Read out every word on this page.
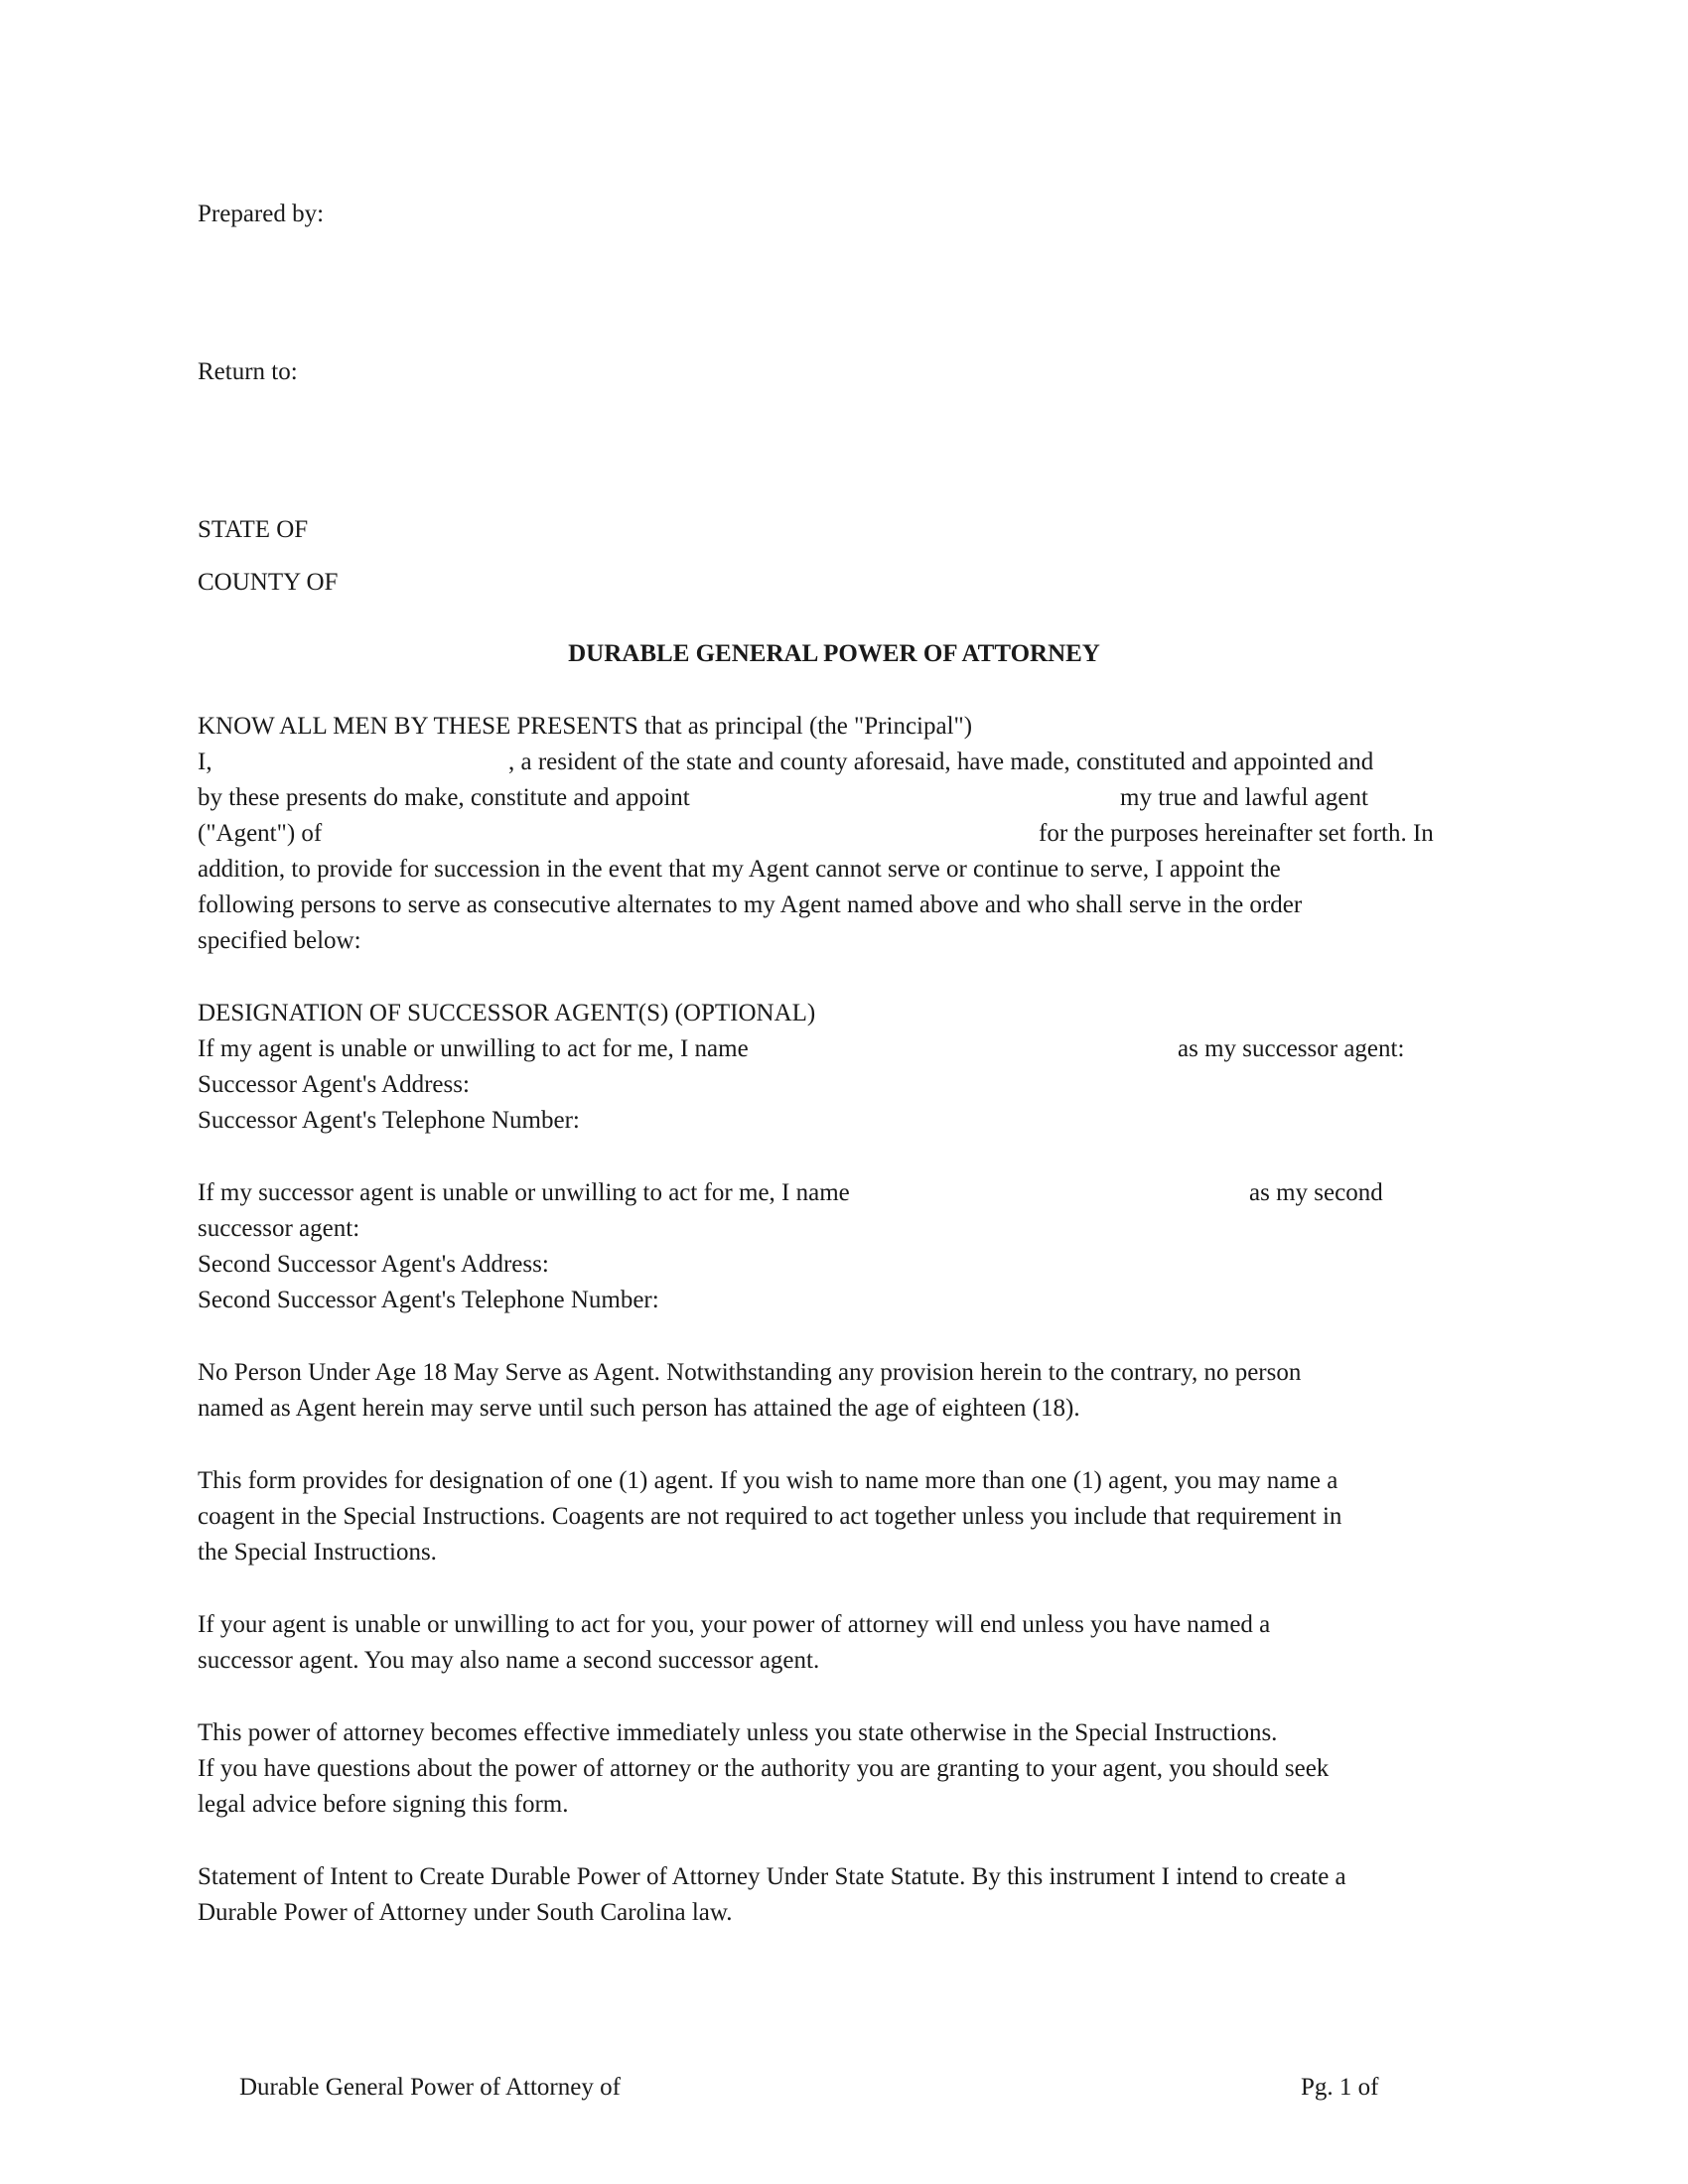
Prepared by:
Return to:
STATE OF
COUNTY OF
DURABLE GENERAL POWER OF ATTORNEY
KNOW ALL MEN BY THESE PRESENTS that as principal (the "Principal")
I,	, a resident of the state and county aforesaid, have made, constituted and appointed and
by these presents do make, constitute and appoint	my true and lawful agent
("Agent") of	for the purposes hereinafter set forth. In
addition, to provide for succession in the event that my Agent cannot serve or continue to serve, I appoint the
following persons to serve as consecutive alternates to my Agent named above and who shall serve in the order
specified below:
DESIGNATION OF SUCCESSOR AGENT(S) (OPTIONAL)
If my agent is unable or unwilling to act for me, I name	as my successor agent:
Successor Agent's Address:
Successor Agent's Telephone Number:
If my successor agent is unable or unwilling to act for me, I name	as my second
successor agent:
Second Successor Agent's Address:
Second Successor Agent's Telephone Number:
No Person Under Age 18 May Serve as Agent. Notwithstanding any provision herein to the contrary, no person
named as Agent herein may serve until such person has attained the age of eighteen (18).
This form provides for designation of one (1) agent. If you wish to name more than one (1) agent, you may name a
coagent in the Special Instructions. Coagents are not required to act together unless you include that requirement in
the Special Instructions.
If your agent is unable or unwilling to act for you, your power of attorney will end unless you have named a
successor agent. You may also name a second successor agent.
This power of attorney becomes effective immediately unless you state otherwise in the Special Instructions.
If you have questions about the power of attorney or the authority you are granting to your agent, you should seek
legal advice before signing this form.
Statement of Intent to Create Durable Power of Attorney Under State Statute. By this instrument I intend to create a
Durable Power of Attorney under South Carolina law.
Durable General Power of Attorney of	Pg. 1 of
